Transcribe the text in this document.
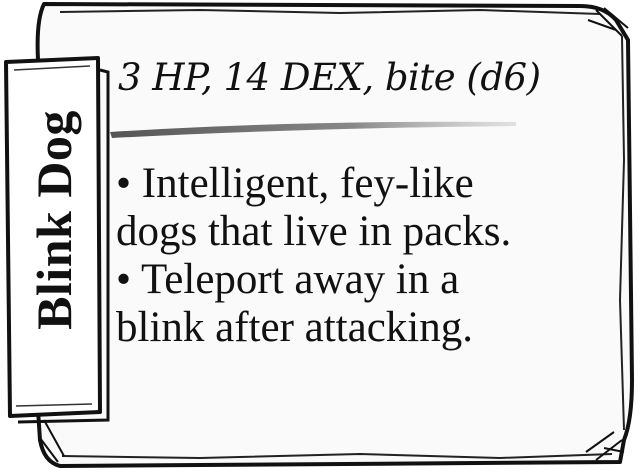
Blink Dog

3 HP, 14 DEX, bite (d6)

• Intelligent, fey-like dogs that live in packs.
• Teleport away in a blink after attacking.
